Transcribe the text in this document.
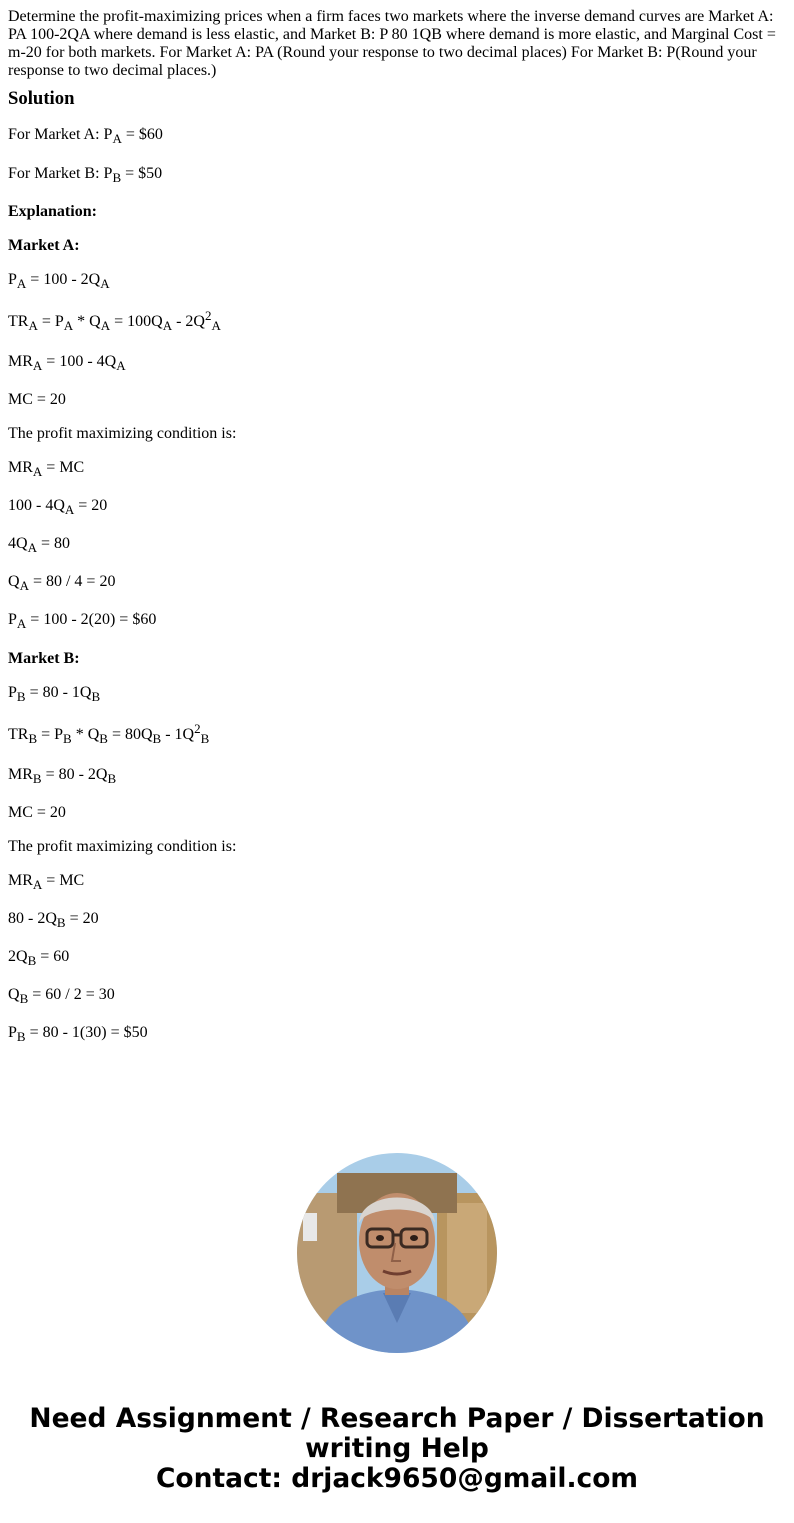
Determine the profit-maximizing prices when a firm faces two markets where the inverse demand curves are Market A: PA 100-2QA where demand is less elastic, and Market B: P 80 1QB where demand is more elastic, and Marginal Cost = m-20 for both markets. For Market A: PA (Round your response to two decimal places) For Market B: P(Round your response to two decimal places.)

Solution

For Market A: $P_A$ = $60

For Market B: $P_B$ = $50

Explanation:

Market A:

$P_A = 100 - 2Q_A$

$TR_A = P_A * Q_A = 100Q_A - 2Q^2_A$

$MR_A = 100 - 4Q_A$

MC = 20

The profit maximizing condition is:

$MR_A$ = MC

$100 - 4Q_A = 20$

$4Q_A = 80$

$Q_A = 80 / 4 = 20$

$P_A = 100 - 2(20)$ = $60

Market B:

$P_B = 80 - 1Q_B$

$TR_B = P_B * Q_B = 80Q_B - 1Q^2_B$

$MR_B = 80 - 2Q_B$

MC = 20

The profit maximizing condition is:

$MR_A$ = MC

$80 - 2Q_B = 20$

$2Q_B = 60$

$Q_B = 60 / 2 = 30$

$P_B = 80 - 1(30)$ = $50

Need Assignment / Research Paper / Dissertation
writing Help
Contact: drjack9650@gmail.com
